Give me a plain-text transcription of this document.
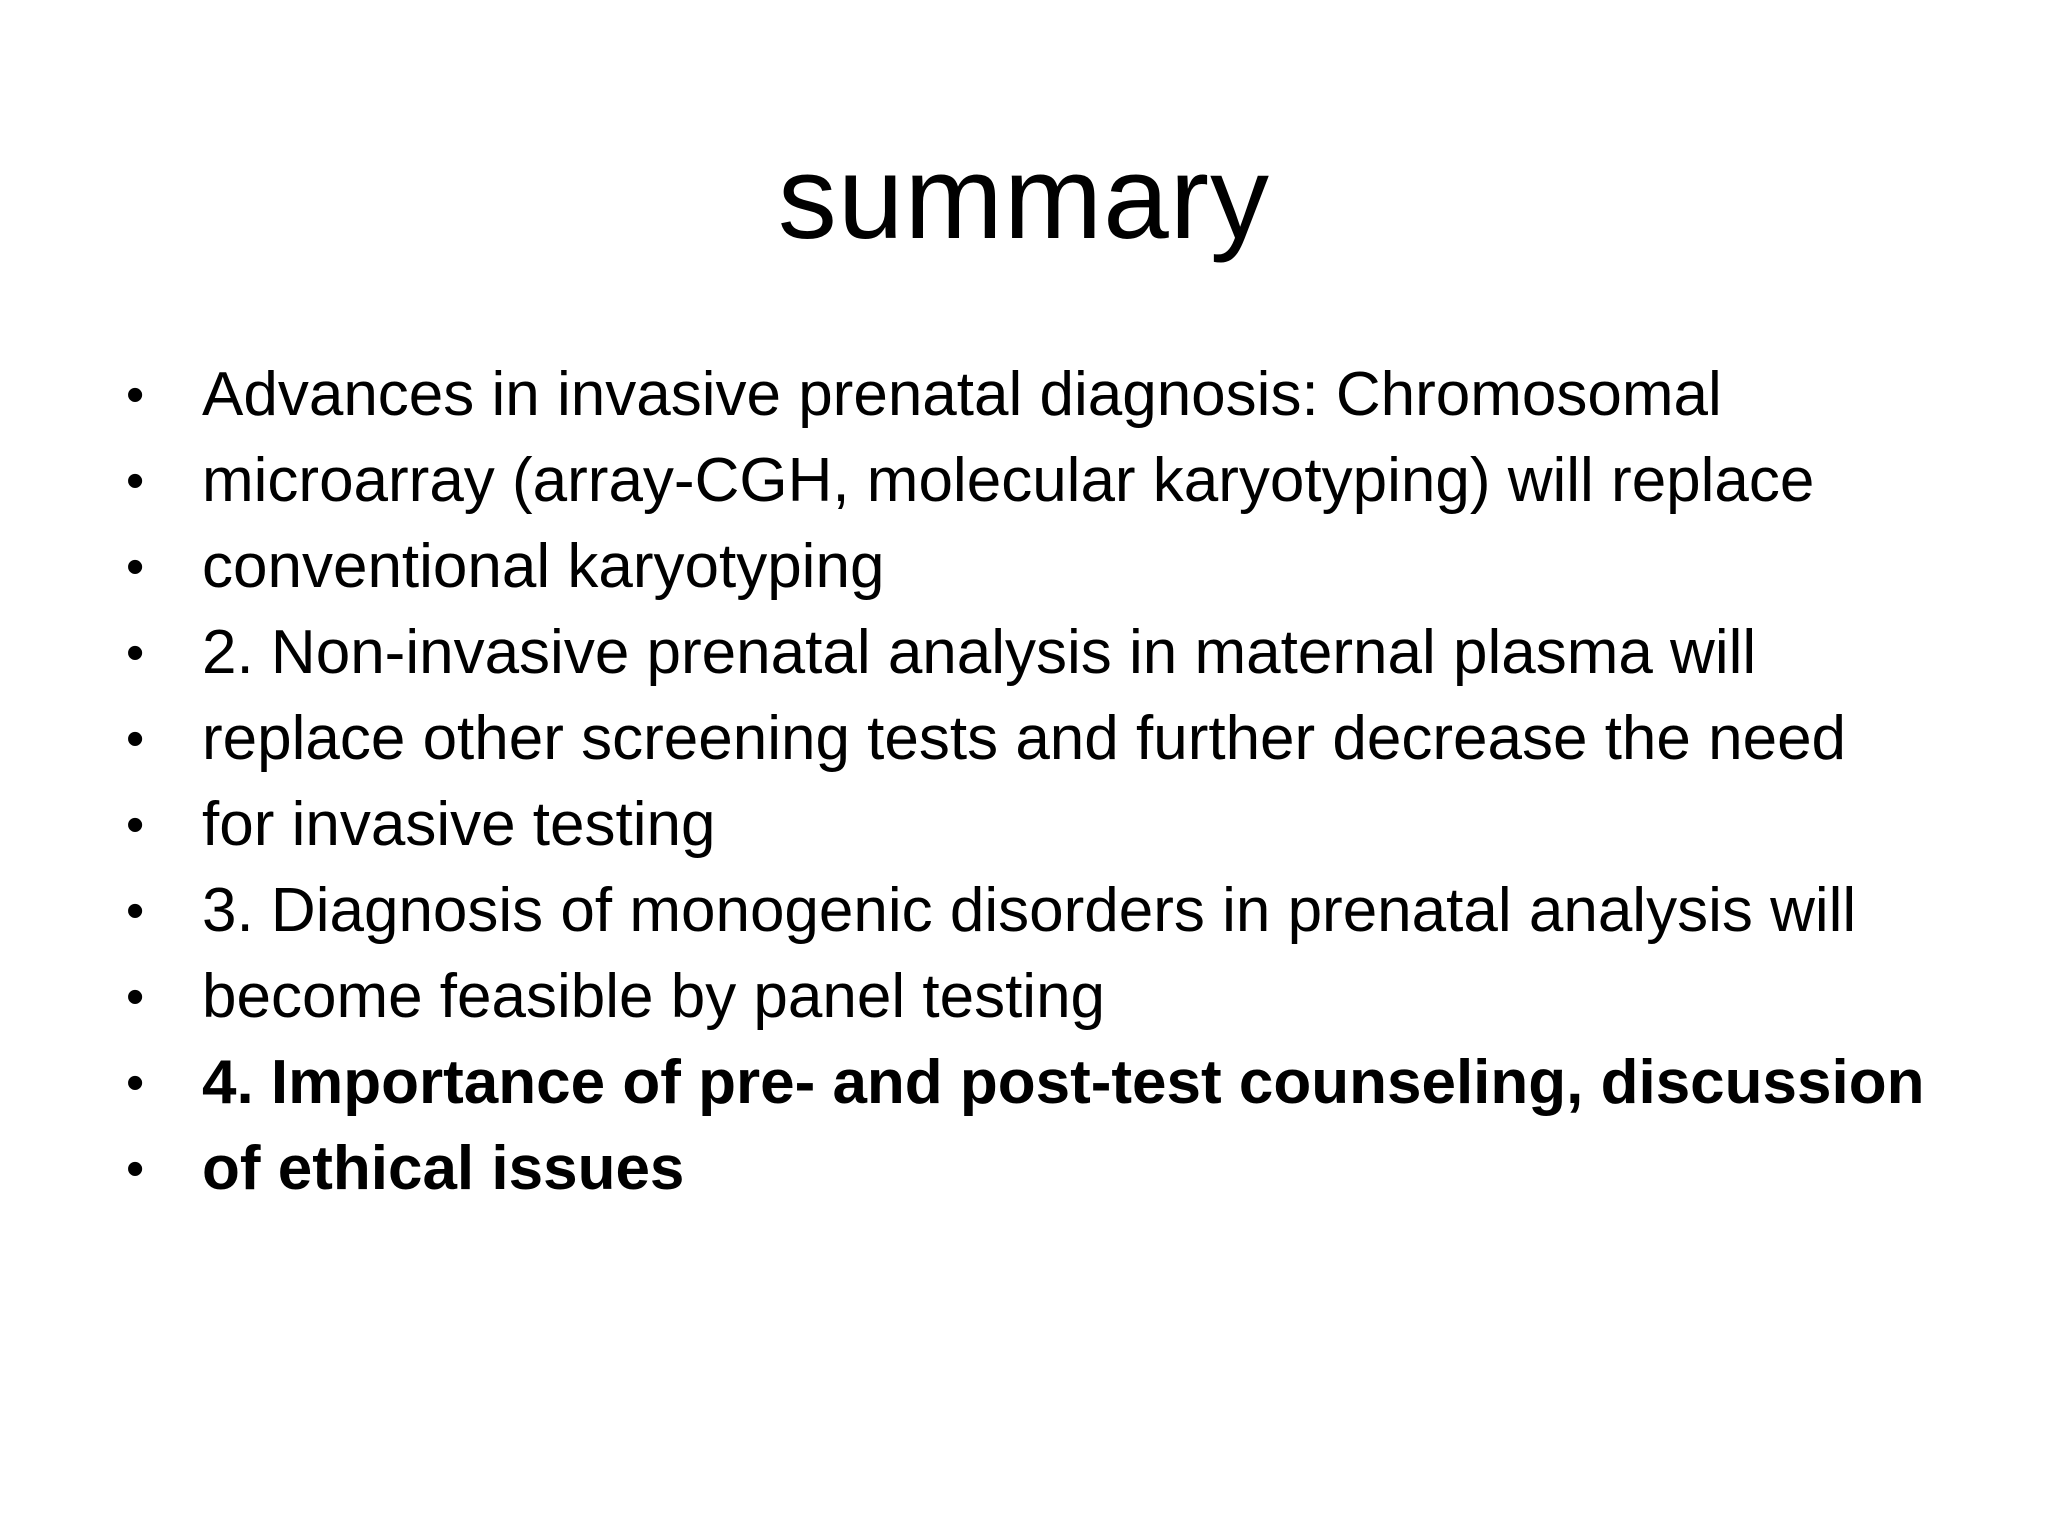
summary
• Advances in invasive prenatal diagnosis: Chromosomal
• microarray (array-CGH, molecular karyotyping) will replace
• conventional karyotyping
• 2. Non-invasive prenatal analysis in maternal plasma will
• replace other screening tests and further decrease the need
• for invasive testing
• 3. Diagnosis of monogenic disorders in prenatal analysis will
• become feasible by panel testing
• 4. Importance of pre- and post-test counseling, discussion
• of ethical issues
